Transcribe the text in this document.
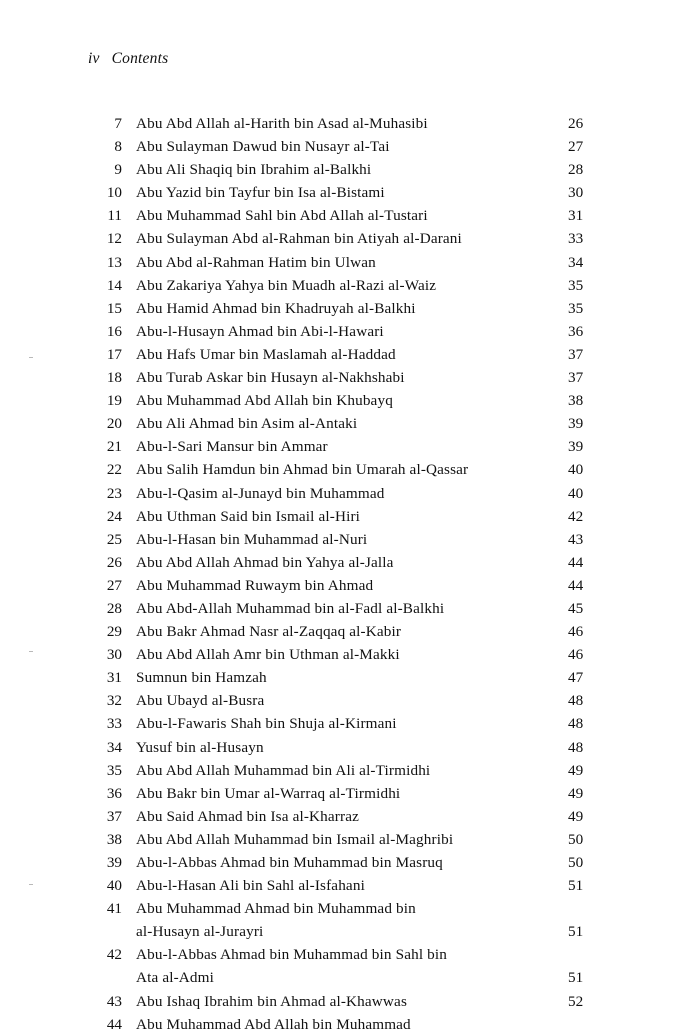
iv Contents
7 Abu Abd Allah al-Harith bin Asad al-Muhasibi	26
8 Abu Sulayman Dawud bin Nusayr al-Tai	27
9 Abu Ali Shaqiq bin Ibrahim al-Balkhi	28
10 Abu Yazid bin Tayfur bin Isa al-Bistami	30
11 Abu Muhammad Sahl bin Abd Allah al-Tustari	31
12 Abu Sulayman Abd al-Rahman bin Atiyah al-Darani	33
13 Abu Abd al-Rahman Hatim bin Ulwan	34
14 Abu Zakariya Yahya bin Muadh al-Razi al-Waiz	35
15 Abu Hamid Ahmad bin Khadruyah al-Balkhi	35
16 Abu-l-Husayn Ahmad bin Abi-l-Hawari	36
17 Abu Hafs Umar bin Maslamah al-Haddad	37
18 Abu Turab Askar bin Husayn al-Nakhshabi	37
19 Abu Muhammad Abd Allah bin Khubayq	38
20 Abu Ali Ahmad bin Asim al-Antaki	39
21 Abu-l-Sari Mansur bin Ammar	39
22 Abu Salih Hamdun bin Ahmad bin Umarah al-Qassar	40
23 Abu-l-Qasim al-Junayd bin Muhammad	40
24 Abu Uthman Said bin Ismail al-Hiri	42
25 Abu-l-Hasan bin Muhammad al-Nuri	43
26 Abu Abd Allah Ahmad bin Yahya al-Jalla	44
27 Abu Muhammad Ruwaym bin Ahmad	44
28 Abu Abd-Allah Muhammad bin al-Fadl al-Balkhi	45
29 Abu Bakr Ahmad Nasr al-Zaqqaq al-Kabir	46
30 Abu Abd Allah Amr bin Uthman al-Makki	46
31 Sumnun bin Hamzah	47
32 Abu Ubayd al-Busra	48
33 Abu-l-Fawaris Shah bin Shuja al-Kirmani	48
34 Yusuf bin al-Husayn	48
35 Abu Abd Allah Muhammad bin Ali al-Tirmidhi	49
36 Abu Bakr bin Umar al-Warraq al-Tirmidhi	49
37 Abu Said Ahmad bin Isa al-Kharraz	49
38 Abu Abd Allah Muhammad bin Ismail al-Maghribi	50
39 Abu-l-Abbas Ahmad bin Muhammad bin Masruq	50
40 Abu-l-Hasan Ali bin Sahl al-Isfahani	51
41 Abu Muhammad Ahmad bin Muhammad bin
al-Husayn al-Jurayri	51
42 Abu-l-Abbas Ahmad bin Muhammad bin Sahl bin
Ata al-Admi	51
43 Abu Ishaq Ibrahim bin Ahmad al-Khawwas	52
44 Abu Muhammad Abd Allah bin Muhammad
